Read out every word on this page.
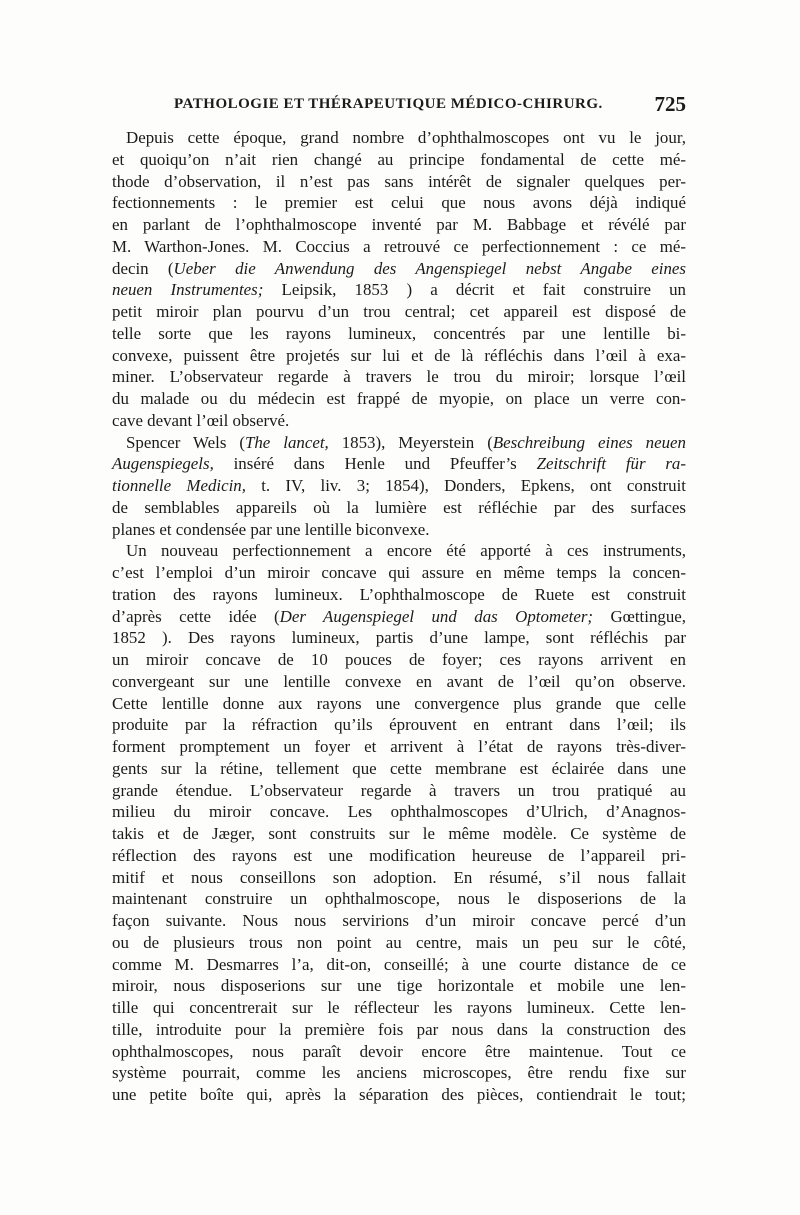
PATHOLOGIE ET THÉRAPEUTIQUE MÉDICO-CHIRURG. 725
Depuis cette époque, grand nombre d’ophthalmoscopes ont vu le jour,
et quoiqu’on n’ait rien changé au principe fondamental de cette mé-
thode d’observation, il n’est pas sans intérêt de signaler quelques per-
fectionnements : le premier est celui que nous avons déjà indiqué
en parlant de l’ophthalmoscope inventé par M. Babbage et révélé par
M. Warthon-Jones. M. Coccius a retrouvé ce perfectionnement : ce mé-
decin (Ueber die Anwendung des Angenspiegel nebst Angabe eines
neuen Instrumentes; Leipsik, 1853 ) a décrit et fait construire un
petit miroir plan pourvu d’un trou central; cet appareil est disposé de
telle sorte que les rayons lumineux, concentrés par une lentille bi-
convexe, puissent être projetés sur lui et de là réfléchis dans l’œil à exa-
miner. L’observateur regarde à travers le trou du miroir; lorsque l’œil
du malade ou du médecin est frappé de myopie, on place un verre con-
cave devant l’œil observé.
Spencer Wels (The lancet, 1853), Meyerstein (Beschreibung eines neuen
Augenspiegels, inséré dans Henle und Pfeuffer’s Zeitschrift für ra-
tionnelle Medicin, t. IV, liv. 3; 1854), Donders, Epkens, ont construit
de semblables appareils où la lumière est réfléchie par des surfaces
planes et condensée par une lentille biconvexe.
Un nouveau perfectionnement a encore été apporté à ces instruments,
c’est l’emploi d’un miroir concave qui assure en même temps la concen-
tration des rayons lumineux. L’ophthalmoscope de Ruete est construit
d’après cette idée (Der Augenspiegel und das Optometer; Gœttingue,
1852 ). Des rayons lumineux, partis d’une lampe, sont réfléchis par
un miroir concave de 10 pouces de foyer; ces rayons arrivent en
convergeant sur une lentille convexe en avant de l’œil qu’on observe.
Cette lentille donne aux rayons une convergence plus grande que celle
produite par la réfraction qu’ils éprouvent en entrant dans l’œil; ils
forment promptement un foyer et arrivent à l’état de rayons très-diver-
gents sur la rétine, tellement que cette membrane est éclairée dans une
grande étendue. L’observateur regarde à travers un trou pratiqué au
milieu du miroir concave. Les ophthalmoscopes d’Ulrich, d’Anagnos-
takis et de Jæger, sont construits sur le même modèle. Ce système de
réflection des rayons est une modification heureuse de l’appareil pri-
mitif et nous conseillons son adoption. En résumé, s’il nous fallait
maintenant construire un ophthalmoscope, nous le disposerions de la
façon suivante. Nous nous servirions d’un miroir concave percé d’un
ou de plusieurs trous non point au centre, mais un peu sur le côté,
comme M. Desmarres l’a, dit-on, conseillé; à une courte distance de ce
miroir, nous disposerions sur une tige horizontale et mobile une len-
tille qui concentrerait sur le réflecteur les rayons lumineux. Cette len-
tille, introduite pour la première fois par nous dans la construction des
ophthalmoscopes, nous paraît devoir encore être maintenue. Tout ce
système pourrait, comme les anciens microscopes, être rendu fixe sur
une petite boîte qui, après la séparation des pièces, contiendrait le tout;
